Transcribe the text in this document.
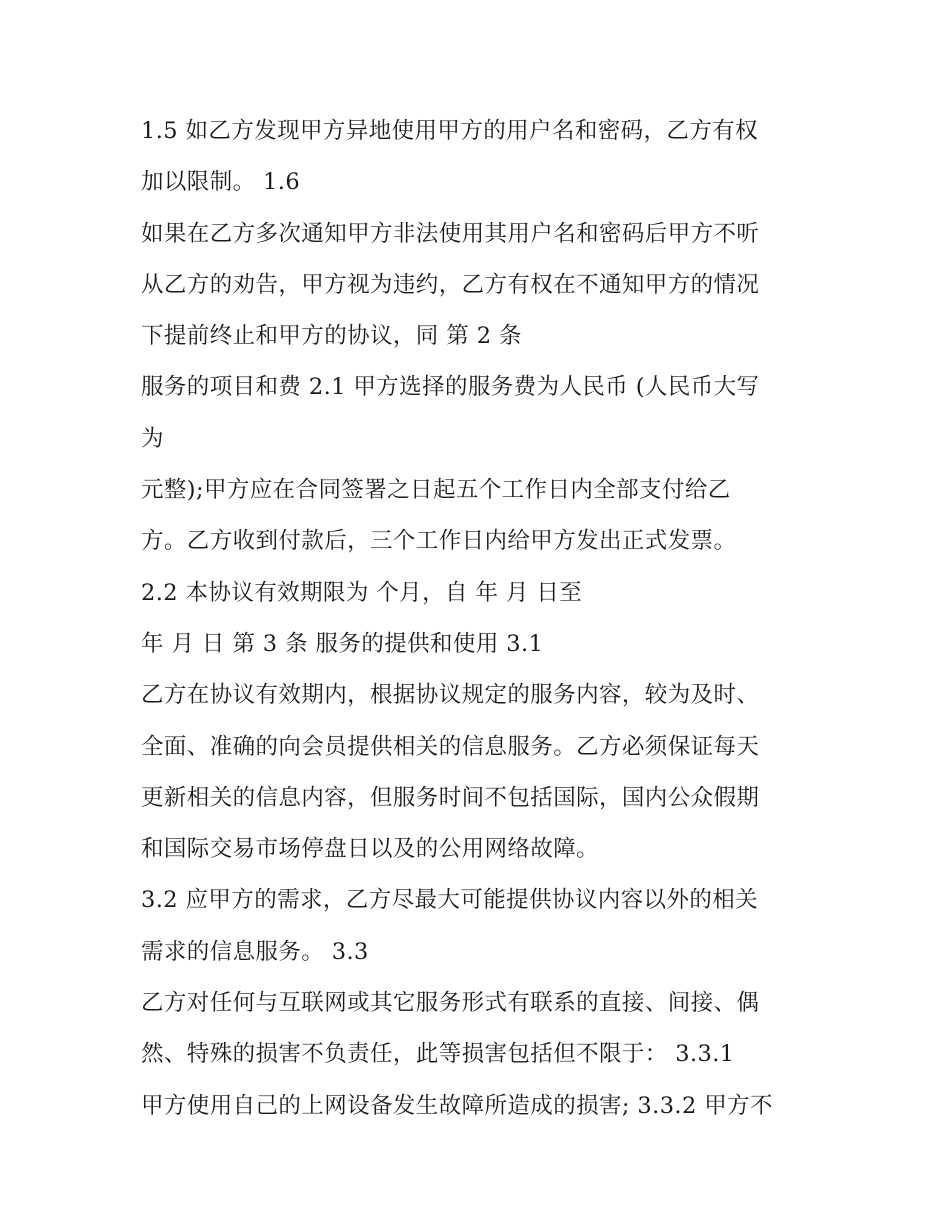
1.5 如乙方发现甲方异地使用甲方的用户名和密码，乙方有权
加以限制。 1.6
如果在乙方多次通知甲方非法使用其用户名和密码后甲方不听
从乙方的劝告，甲方视为违约，乙方有权在不通知甲方的情况
下提前终止和甲方的协议，同 第 2 条
服务的项目和费 2.1 甲方选择的服务费为人民币 (人民币大写
为
元整);甲方应在合同签署之日起五个工作日内全部支付给乙
方。乙方收到付款后，三个工作日内给甲方发出正式发票。
2.2 本协议有效期限为 个月，自 年 月 日至
年 月 日 第 3 条 服务的提供和使用 3.1
乙方在协议有效期内，根据协议规定的服务内容，较为及时、
全面、准确的向会员提供相关的信息服务。乙方必须保证每天
更新相关的信息内容，但服务时间不包括国际，国内公众假期
和国际交易市场停盘日以及的公用网络故障。
3.2 应甲方的需求，乙方尽最大可能提供协议内容以外的相关
需求的信息服务。 3.3
乙方对任何与互联网或其它服务形式有联系的直接、间接、偶
然、特殊的损害不负责任，此等损害包括但不限于： 3.3.1
甲方使用自己的上网设备发生故障所造成的损害; 3.3.2 甲方不
